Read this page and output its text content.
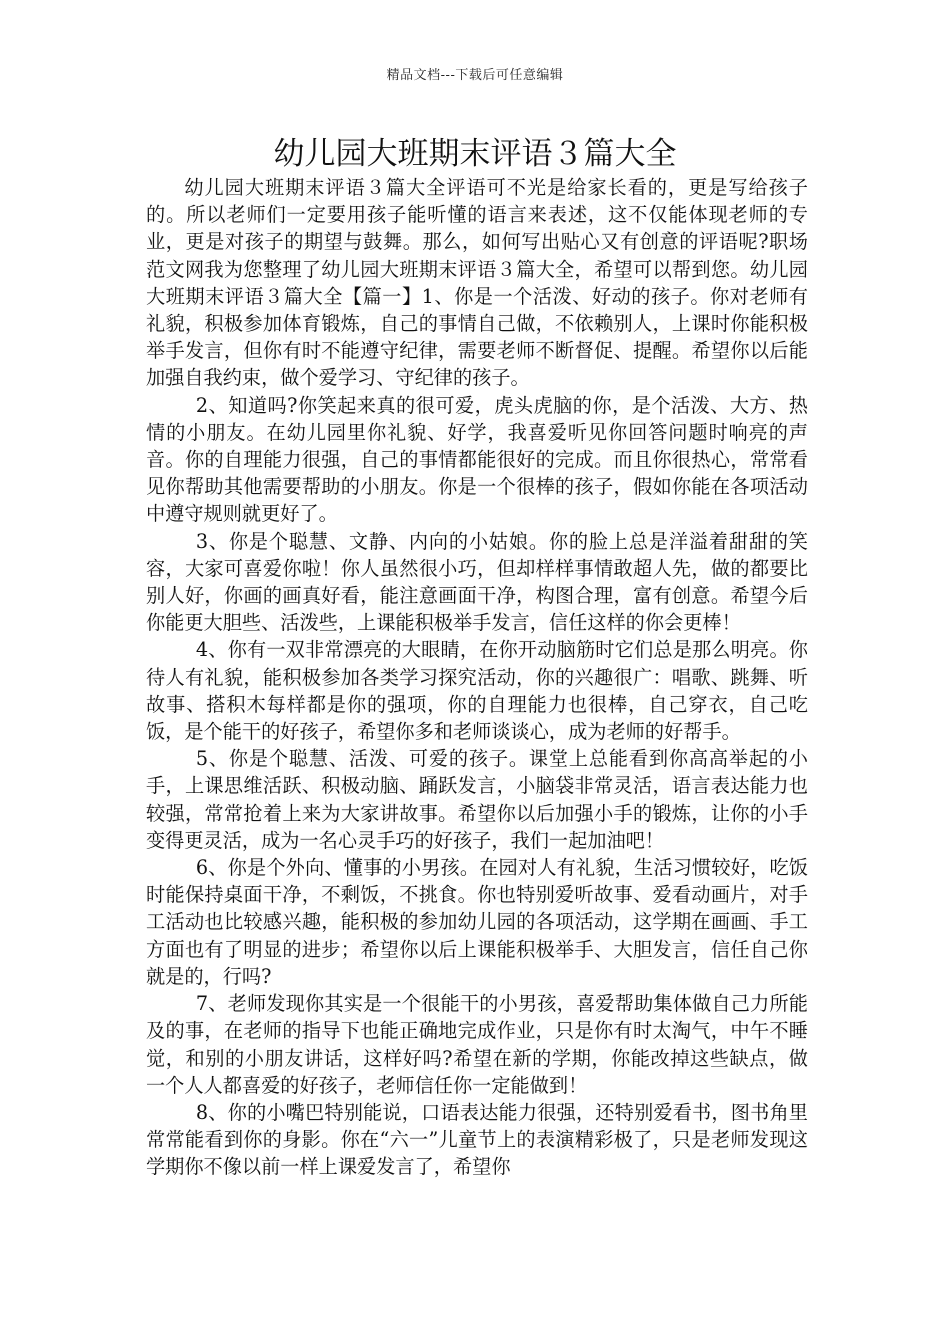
精品文档---下载后可任意编辑
幼儿园大班期末评语３篇大全

幼儿园大班期末评语３篇大全评语可不光是给家长看的，更是写给孩子的。所以老师们一定要用孩子能听懂的语言来表述，这不仅能体现老师的专业，更是对孩子的期望与鼓舞。那么，如何写出贴心又有创意的评语呢?职场范文网我为您整理了幼儿园大班期末评语３篇大全，希望可以帮到您。幼儿园大班期末评语３篇大全【篇一】1、你是一个活泼、好动的孩子。你对老师有礼貌，积极参加体育锻炼，自己的事情自己做，不依赖别人，上课时你能积极举手发言，但你有时不能遵守纪律，需要老师不断督促、提醒。希望你以后能加强自我约束，做个爱学习、守纪律的孩子。

2、知道吗?你笑起来真的很可爱，虎头虎脑的你，是个活泼、大方、热情的小朋友。在幼儿园里你礼貌、好学，我喜爱听见你回答问题时响亮的声音。你的自理能力很强，自己的事情都能很好的完成。而且你很热心，常常看见你帮助其他需要帮助的小朋友。你是一个很棒的孩子，假如你能在各项活动中遵守规则就更好了。

3、你是个聪慧、文静、内向的小姑娘。你的脸上总是洋溢着甜甜的笑容，大家可喜爱你啦！你人虽然很小巧，但却样样事情敢超人先，做的都要比别人好，你画的画真好看，能注意画面干净，构图合理，富有创意。希望今后你能更大胆些、活泼些，上课能积极举手发言，信任这样的你会更棒！

4、你有一双非常漂亮的大眼睛，在你开动脑筋时它们总是那么明亮。你待人有礼貌，能积极参加各类学习探究活动，你的兴趣很广：唱歌、跳舞、听故事、搭积木每样都是你的强项，你的自理能力也很棒，自己穿衣，自己吃饭，是个能干的好孩子，希望你多和老师谈谈心，成为老师的好帮手。

5、你是个聪慧、活泼、可爱的孩子。课堂上总能看到你高高举起的小手，上课思维活跃、积极动脑、踊跃发言，小脑袋非常灵活，语言表达能力也较强，常常抢着上来为大家讲故事。希望你以后加强小手的锻炼，让你的小手变得更灵活，成为一名心灵手巧的好孩子，我们一起加油吧！

6、你是个外向、懂事的小男孩。在园对人有礼貌，生活习惯较好，吃饭时能保持桌面干净，不剩饭，不挑食。你也特别爱听故事、爱看动画片，对手工活动也比较感兴趣，能积极的参加幼儿园的各项活动，这学期在画画、手工方面也有了明显的进步；希望你以后上课能积极举手、大胆发言，信任自己你就是的，行吗?

7、老师发现你其实是一个很能干的小男孩，喜爱帮助集体做自己力所能及的事，在老师的指导下也能正确地完成作业，只是你有时太淘气，中午不睡觉，和别的小朋友讲话，这样好吗?希望在新的学期，你能改掉这些缺点，做一个人人都喜爱的好孩子，老师信任你一定能做到！

8、你的小嘴巴特别能说，口语表达能力很强，还特别爱看书，图书角里常常能看到你的身影。你在“六一”儿童节上的表演精彩极了，只是老师发现这学期你不像以前一样上课爱发言了，希望你
